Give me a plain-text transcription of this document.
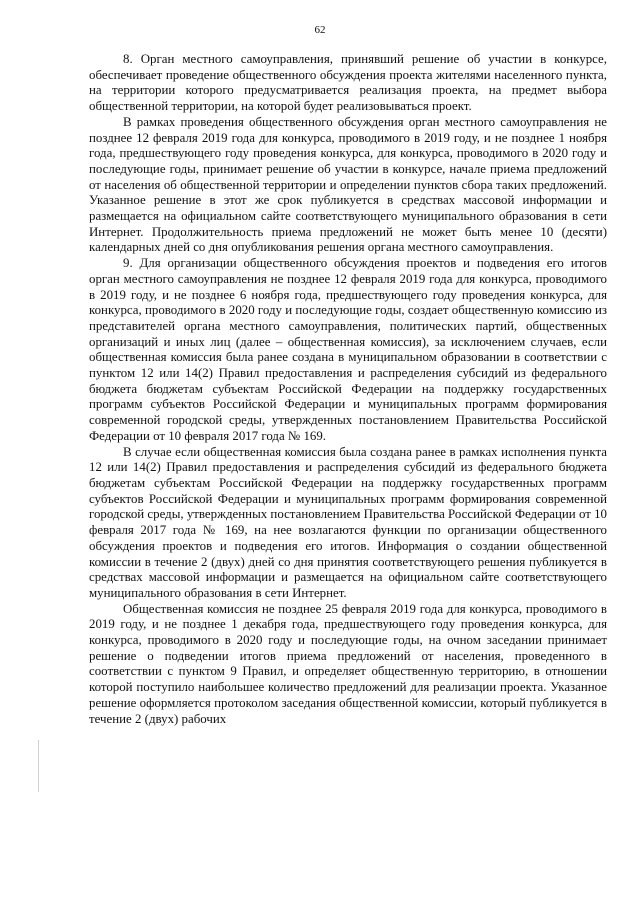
62

8. Орган местного самоуправления, принявший решение об участии в конкурсе, обеспечивает проведение общественного обсуждения проекта жителями населенного пункта, на территории которого предусматривается реализация проекта, на предмет выбора общественной территории, на которой будет реализовываться проект.

В рамках проведения общественного обсуждения орган местного самоуправления не позднее 12 февраля 2019 года для конкурса, проводимого в 2019 году, и не позднее 1 ноября года, предшествующего году проведения конкурса, для конкурса, проводимого в 2020 году и последующие годы, принимает решение об участии в конкурсе, начале приема предложений от населения об общественной территории и определении пунктов сбора таких предложений. Указанное решение в этот же срок публикуется в средствах массовой информации и размещается на официальном сайте соответствующего муниципального образования в сети Интернет. Продолжительность приема предложений не может быть менее 10 (десяти) календарных дней со дня опубликования решения органа местного самоуправления.

9. Для организации общественного обсуждения проектов и подведения его итогов орган местного самоуправления не позднее 12 февраля 2019 года для конкурса, проводимого в 2019 году, и не позднее 6 ноября года, предшествующего году проведения конкурса, для конкурса, проводимого в 2020 году и последующие годы, создает общественную комиссию из представителей органа местного самоуправления, политических партий, общественных организаций и иных лиц (далее – общественная комиссия), за исключением случаев, если общественная комиссия была ранее создана в муниципальном образовании в соответствии с пунктом 12 или 14(2) Правил предоставления и распределения субсидий из федерального бюджета бюджетам субъектам Российской Федерации на поддержку государственных программ субъектов Российской Федерации и муниципальных программ формирования современной городской среды, утвержденных постановлением Правительства Российской Федерации от 10 февраля 2017 года № 169.

В случае если общественная комиссия была создана ранее в рамках исполнения пункта 12 или 14(2) Правил предоставления и распределения субсидий из федерального бюджета бюджетам субъектам Российской Федерации на поддержку государственных программ субъектов Российской Федерации и муниципальных программ формирования современной городской среды, утвержденных постановлением Правительства Российской Федерации от 10 февраля 2017 года № 169, на нее возлагаются функции по организации общественного обсуждения проектов и подведения его итогов. Информация о создании общественной комиссии в течение 2 (двух) дней со дня принятия соответствующего решения публикуется в средствах массовой информации и размещается на официальном сайте соответствующего муниципального образования в сети Интернет.

Общественная комиссия не позднее 25 февраля 2019 года для конкурса, проводимого в 2019 году, и не позднее 1 декабря года, предшествующего году проведения конкурса, для конкурса, проводимого в 2020 году и последующие годы, на очном заседании принимает решение о подведении итогов приема предложений от населения, проведенного в соответствии с пунктом 9 Правил, и определяет общественную территорию, в отношении которой поступило наибольшее количество предложений для реализации проекта. Указанное решение оформляется протоколом заседания общественной комиссии, который публикуется в течение 2 (двух) рабочих
